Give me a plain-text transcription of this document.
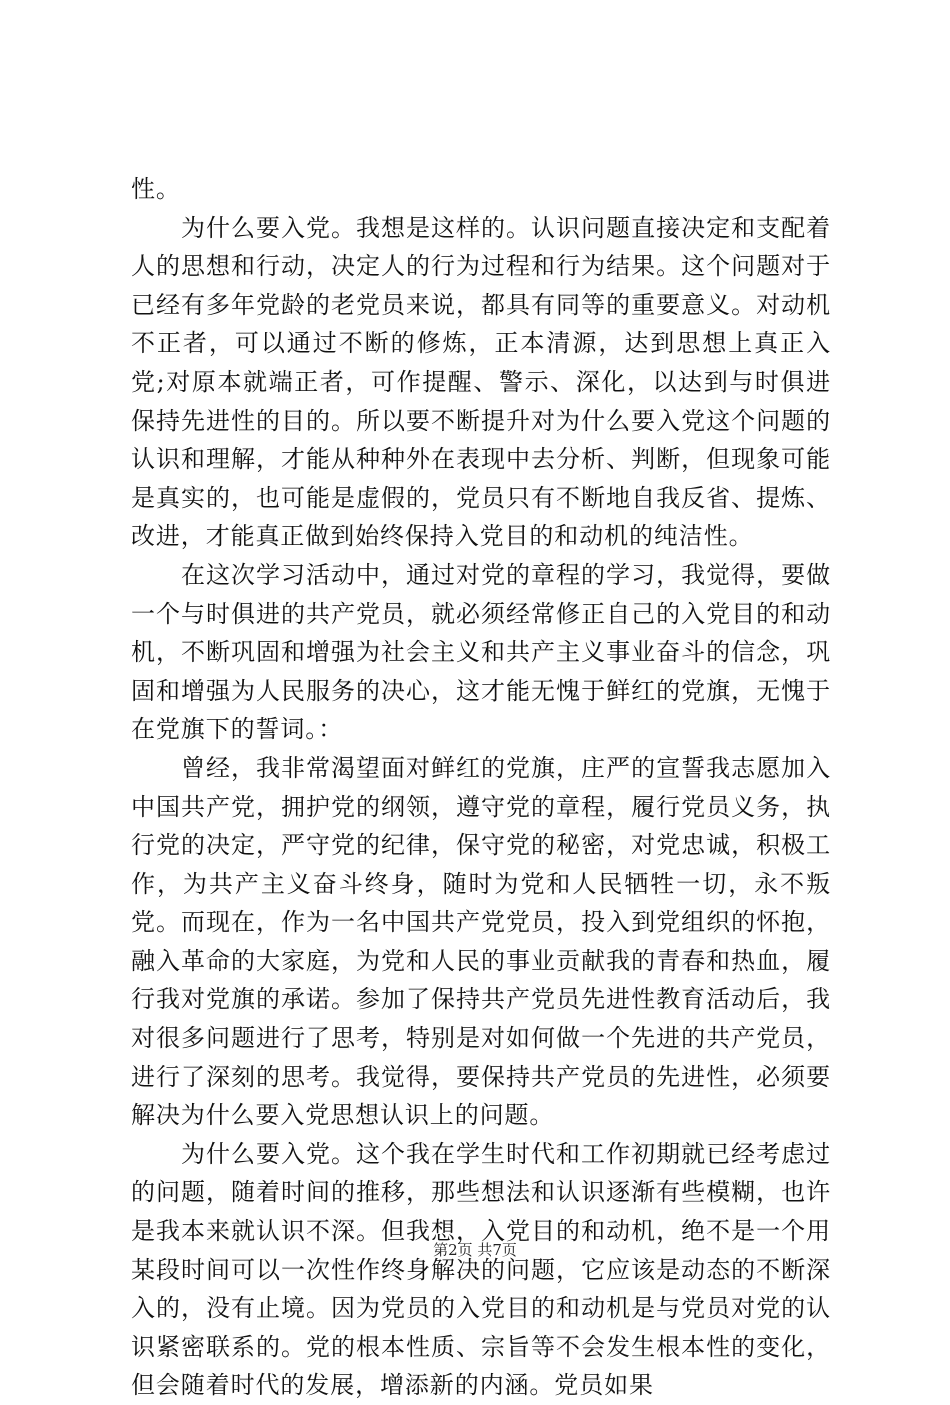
性。

为什么要入党。我想是这样的。认识问题直接决定和支配着人的思想和行动，决定人的行为过程和行为结果。这个问题对于已经有多年党龄的老党员来说，都具有同等的重要意义。对动机不正者，可以通过不断的修炼，正本清源，达到思想上真正入党;对原本就端正者，可作提醒、警示、深化，以达到与时俱进保持先进性的目的。所以要不断提升对为什么要入党这个问题的认识和理解，才能从种种外在表现中去分析、判断，但现象可能是真实的，也可能是虚假的，党员只有不断地自我反省、提炼、改进，才能真正做到始终保持入党目的和动机的纯洁性。

在这次学习活动中，通过对党的章程的学习，我觉得，要做一个与时俱进的共产党员，就必须经常修正自己的入党目的和动机，不断巩固和增强为社会主义和共产主义事业奋斗的信念，巩固和增强为人民服务的决心，这才能无愧于鲜红的党旗，无愧于在党旗下的誓词。：

曾经，我非常渴望面对鲜红的党旗，庄严的宣誓我志愿加入中国共产党，拥护党的纲领，遵守党的章程，履行党员义务，执行党的决定，严守党的纪律，保守党的秘密，对党忠诚，积极工作，为共产主义奋斗终身，随时为党和人民牺牲一切，永不叛党。而现在，作为一名中国共产党党员，投入到党组织的怀抱，融入革命的大家庭，为党和人民的事业贡献我的青春和热血，履行我对党旗的承诺。参加了保持共产党员先进性教育活动后，我对很多问题进行了思考，特别是对如何做一个先进的共产党员，进行了深刻的思考。我觉得，要保持共产党员的先进性，必须要解决为什么要入党思想认识上的问题。

为什么要入党。这个我在学生时代和工作初期就已经考虑过的问题，随着时间的推移，那些想法和认识逐渐有些模糊，也许是我本来就认识不深。但我想，入党目的和动机，绝不是一个用某段时间可以一次性作终身解决的问题，它应该是动态的不断深入的，没有止境。因为党员的入党目的和动机是与党员对党的认识紧密联系的。党的根本性质、宗旨等不会发生根本性的变化，但会随着时代的发展，增添新的内涵。党员如果

第2页 共7页
